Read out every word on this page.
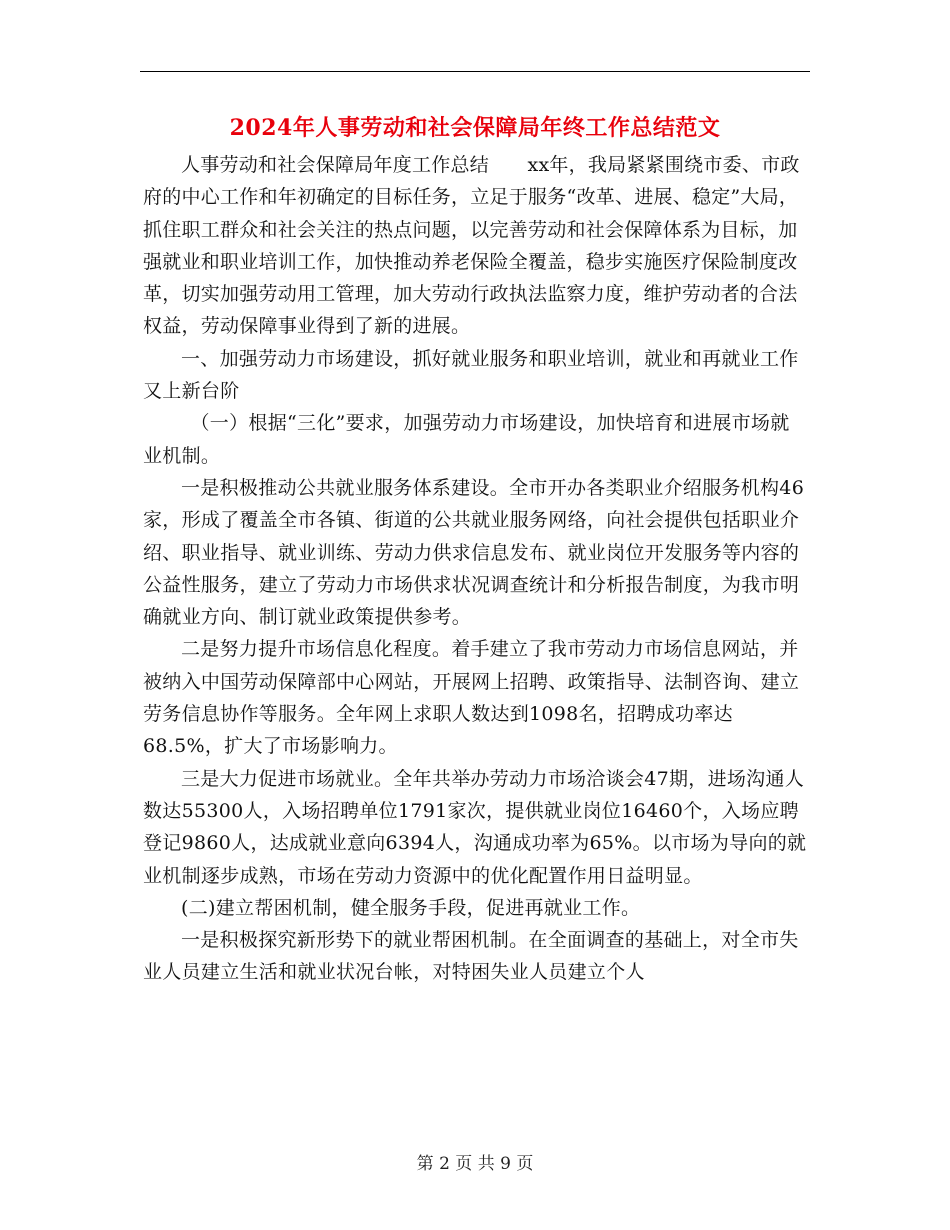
2024年人事劳动和社会保障局年终工作总结范文

人事劳动和社会保障局年度工作总结　　xx年，我局紧紧围绕市委、市政府的中心工作和年初确定的目标任务，立足于服务“改革、进展、稳定”大局，抓住职工群众和社会关注的热点问题，以完善劳动和社会保障体系为目标，加强就业和职业培训工作，加快推动养老保险全覆盖，稳步实施医疗保险制度改革，切实加强劳动用工管理，加大劳动行政执法监察力度，维护劳动者的合法权益，劳动保障事业得到了新的进展。

一、加强劳动力市场建设，抓好就业服务和职业培训，就业和再就业工作又上新台阶

（一）根据“三化”要求，加强劳动力市场建设，加快培育和进展市场就业机制。

一是积极推动公共就业服务体系建设。全市开办各类职业介绍服务机构46家，形成了覆盖全市各镇、街道的公共就业服务网络，向社会提供包括职业介绍、职业指导、就业训练、劳动力供求信息发布、就业岗位开发服务等内容的公益性服务，建立了劳动力市场供求状况调查统计和分析报告制度，为我市明确就业方向、制订就业政策提供参考。

二是努力提升市场信息化程度。着手建立了我市劳动力市场信息网站，并被纳入中国劳动保障部中心网站，开展网上招聘、政策指导、法制咨询、建立劳务信息协作等服务。全年网上求职人数达到1098名，招聘成功率达68.5%，扩大了市场影响力。

三是大力促进市场就业。全年共举办劳动力市场洽谈会47期，进场沟通人数达55300人，入场招聘单位1791家次，提供就业岗位16460个，入场应聘登记9860人，达成就业意向6394人，沟通成功率为65%。以市场为导向的就业机制逐步成熟，市场在劳动力资源中的优化配置作用日益明显。

(二)建立帮困机制，健全服务手段，促进再就业工作。

一是积极探究新形势下的就业帮困机制。在全面调查的基础上，对全市失业人员建立生活和就业状况台帐，对特困失业人员建立个人

第 2 页 共 9 页
